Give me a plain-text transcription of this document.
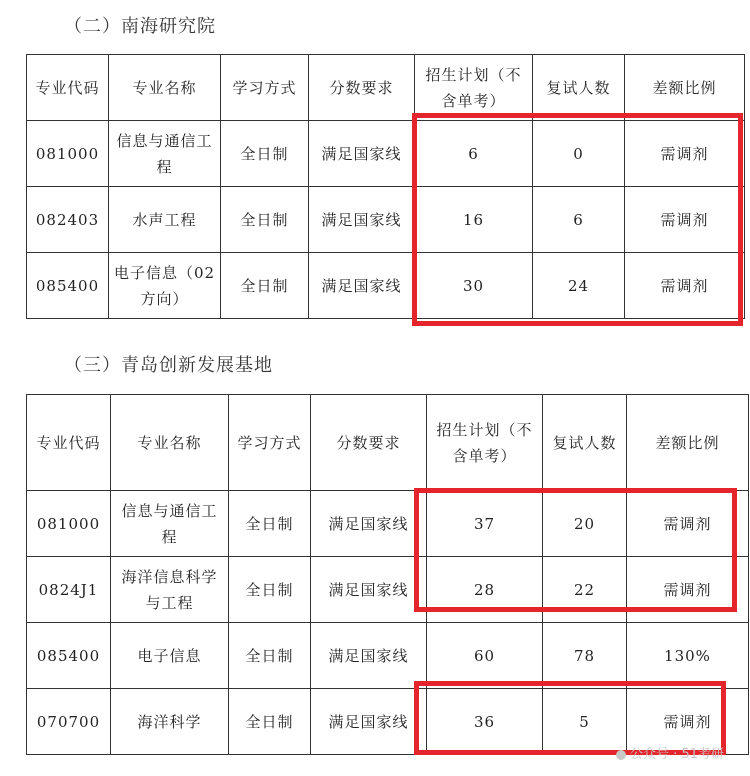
（二）南海研究院
专业代码	专业名称	学习方式	分数要求	招生计划（不含单考）	复试人数	差额比例
081000	信息与通信工程	全日制	满足国家线	6	0	需调剂
082403	水声工程	全日制	满足国家线	16	6	需调剂
085400	电子信息（02方向）	全日制	满足国家线	30	24	需调剂
（三）青岛创新发展基地
专业代码	专业名称	学习方式	分数要求	招生计划（不含单考）	复试人数	差额比例
081000	信息与通信工程	全日制	满足国家线	37	20	需调剂
0824J1	海洋信息科学与工程	全日制	满足国家线	28	22	需调剂
085400	电子信息	全日制	满足国家线	60	78	130%
070700	海洋科学	全日制	满足国家线	36	5	需调剂
公众号 · 51考研
